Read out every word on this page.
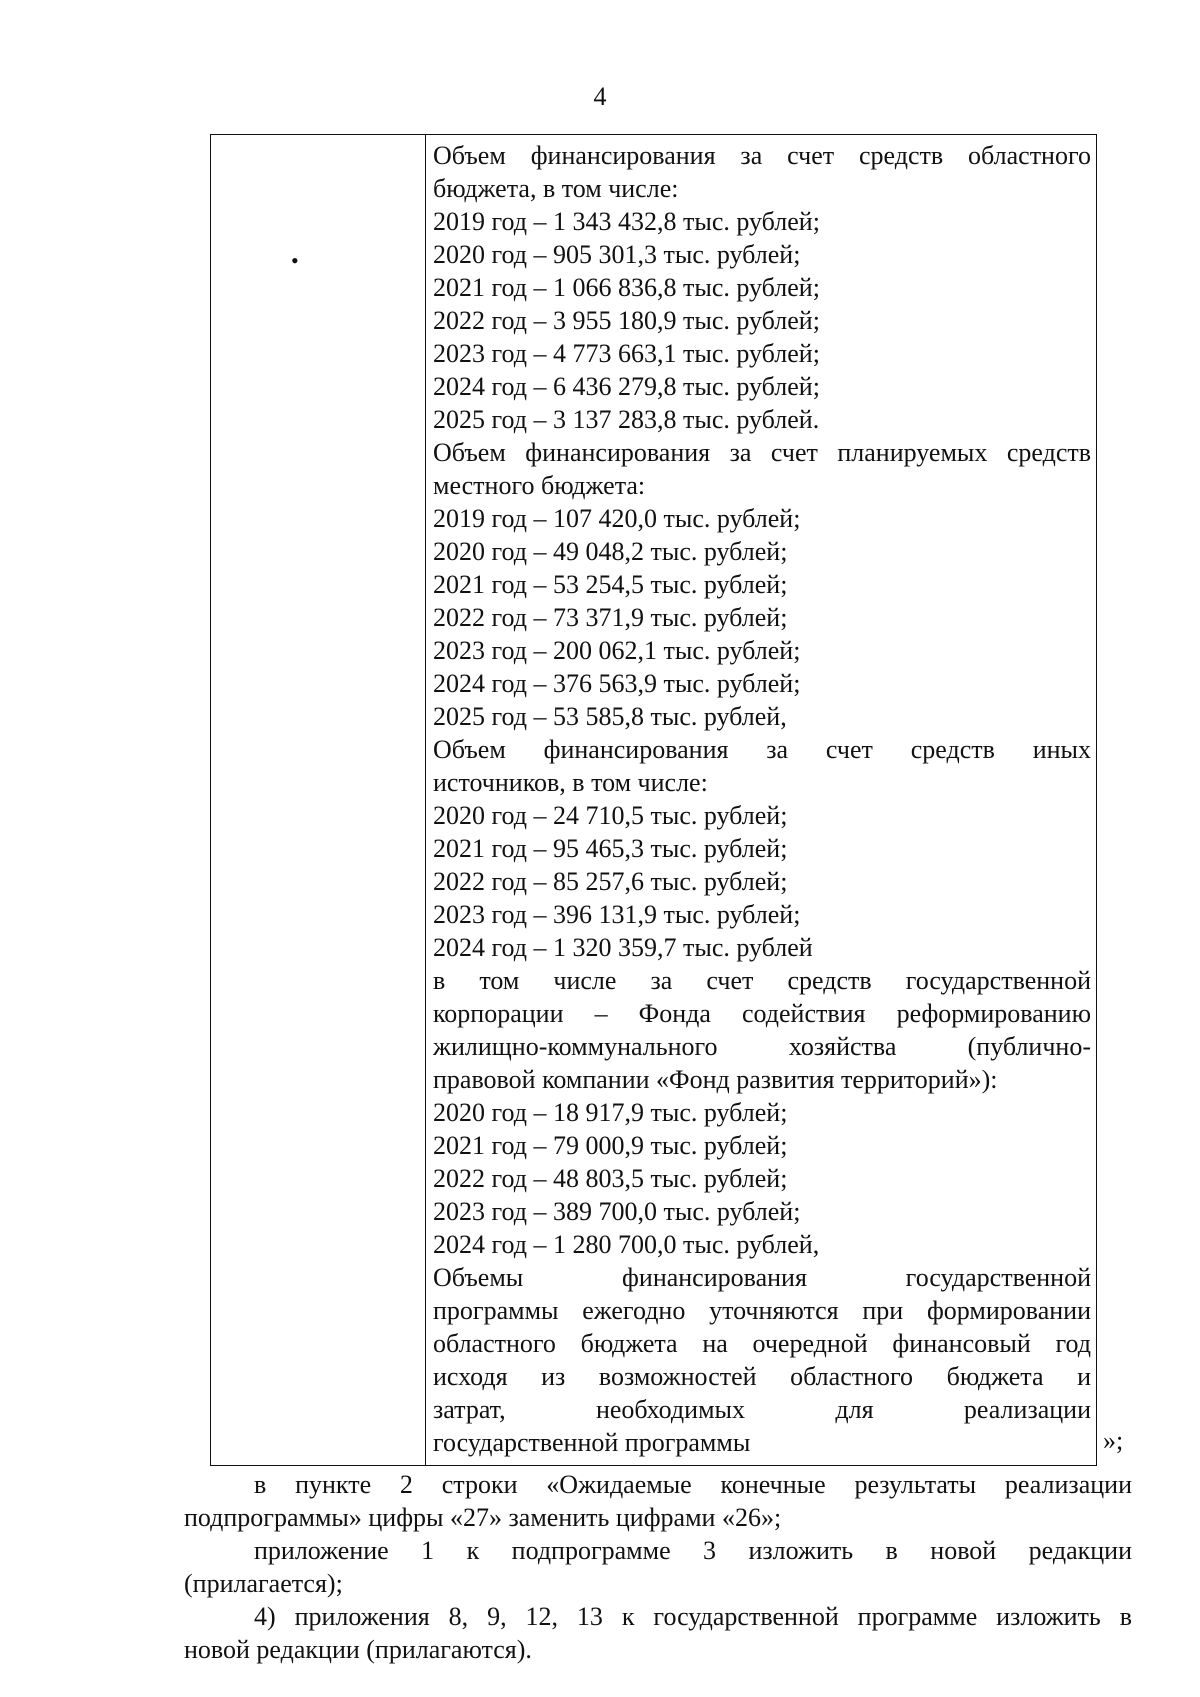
4
•
Объем финансирования за счет средств областного
бюджета, в том числе:
2019 год – 1 343 432,8 тыс. рублей;
2020 год – 905 301,3 тыс. рублей;
2021 год – 1 066 836,8 тыс. рублей;
2022 год – 3 955 180,9 тыс. рублей;
2023 год – 4 773 663,1 тыс. рублей;
2024 год – 6 436 279,8 тыс. рублей;
2025 год – 3 137 283,8 тыс. рублей.
Объем финансирования за счет планируемых средств
местного бюджета:
2019 год – 107 420,0 тыс. рублей;
2020 год – 49 048,2 тыс. рублей;
2021 год – 53 254,5 тыс. рублей;
2022 год – 73 371,9 тыс. рублей;
2023 год – 200 062,1 тыс. рублей;
2024 год – 376 563,9 тыс. рублей;
2025 год – 53 585,8 тыс. рублей,
Объем финансирования за счет средств иных
источников, в том числе:
2020 год – 24 710,5 тыс. рублей;
2021 год – 95 465,3 тыс. рублей;
2022 год – 85 257,6 тыс. рублей;
2023 год – 396 131,9 тыс. рублей;
2024 год – 1 320 359,7 тыс. рублей
в том числе за счет средств государственной
корпорации – Фонда содействия реформированию
жилищно-коммунального хозяйства (публично-
правовой компании «Фонд развития территорий»):
2020 год – 18 917,9 тыс. рублей;
2021 год – 79 000,9 тыс. рублей;
2022 год – 48 803,5 тыс. рублей;
2023 год – 389 700,0 тыс. рублей;
2024 год – 1 280 700,0 тыс. рублей,
Объемы финансирования государственной
программы ежегодно уточняются при формировании
областного бюджета на очередной финансовый год
исходя из возможностей областного бюджета и
затрат, необходимых для реализации
государственной программы	»;

в пункте 2 строки «Ожидаемые конечные результаты реализации

подпрограммы» цифры «27» заменить цифрами «26»;

приложение 1 к подпрограмме 3 изложить в новой редакции

(прилагается);

4) приложения 8, 9, 12, 13 к государственной программе изложить в

новой редакции (прилагаются).
